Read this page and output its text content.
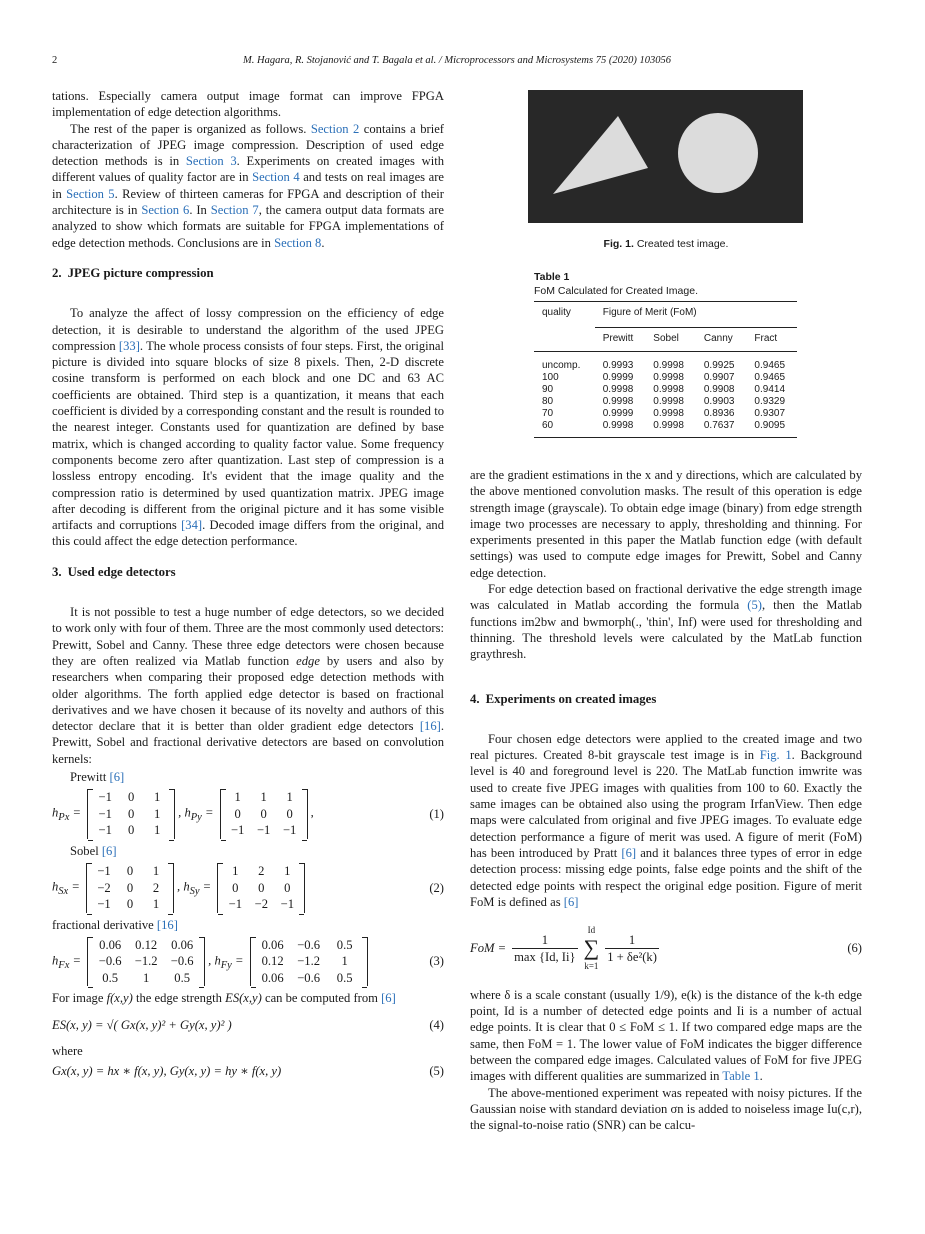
2	M. Hagara, R. Stojanović and T. Bagala et al. / Microprocessors and Microsystems 75 (2020) 103056

tations. Especially camera output image format can improve FPGA implementation of edge detection algorithms.

The rest of the paper is organized as follows. Section 2 contains a brief characterization of JPEG image compression. Description of used edge detection methods is in Section 3. Experiments on created images with different values of quality factor are in Section 4 and tests on real images are in Section 5. Review of thirteen cameras for FPGA and description of their architecture is in Section 6. In Section 7, the camera output data formats are analyzed to show which formats are suitable for FPGA implementations of edge detection methods. Conclusions are in Section 8.

2. JPEG picture compression

To analyze the affect of lossy compression on the efficiency of edge detection, it is desirable to understand the algorithm of the used JPEG compression [33]. The whole process consists of four steps. First, the original picture is divided into square blocks of size 8 pixels. Then, 2-D discrete cosine transform is performed on each block and one DC and 63 AC coefficients are obtained. Third step is a quantization, it means that each coefficient is divided by a corresponding constant and the result is rounded to the nearest integer. Constants used for quantization are defined by base matrix, which is changed according to quality factor value. Some frequency components become zero after quantization. Last step of compression is a lossless entropy encoding. It's evident that the image quality and the compression ratio is determined by used quantization matrix. JPEG image after decoding is different from the original picture and it has some visible artifacts and corruptions [34]. Decoded image differs from the original, and this could affect the edge detection performance.

3. Used edge detectors

It is not possible to test a huge number of edge detectors, so we decided to work only with four of them. Three are the most commonly used detectors: Prewitt, Sobel and Canny. These three edge detectors were chosen because they are often realized via Matlab function edge by users and also by researchers when comparing their proposed edge detection methods with older algorithms. The forth applied edge detector is based on fractional derivatives and we have chosen it because of its novelty and authors of this detector declare that it is better than older gradient edge detectors [16]. Prewitt, Sobel and fractional derivative detectors are based on convolution kernels:

Prewitt [6]
$h_{Px}$ =
−1	0	1
−1	0	1
−1	0	1
, $h_{Py}$ =
1	1	1
0	0	0
−1 −1 −1
,	(1)
Sobel [6]
$h_{Sx}$ =
−1	0	1
−2	0	2
−1	0	1
, $h_{Sy}$ =
1	2	1
0	0	0
−1 −2 −1
(2)
fractional derivative [16]
$h_{Fx}$ =
0.06	0.12	0.06
−0.6	−1.2	−0.6
0.5	1	0.5
, $h_{Fy}$ =
0.06	−0.6	0.5
0.12	−1.2	1
0.06	−0.6	0.5
(3)

For image f(x,y) the edge strength ES(x,y) can be computed from [6]

ES(x, y) = √( Gx(x, y)² + Gy(x, y)² )	(4)

where

Gx(x, y) = hx ∗ f(x, y), Gy(x, y) = hy ∗ f(x, y)	(5)
Fig. 1. Created test image.
Table 1
FoM Calculated for Created Image.
quality	Figure of Merit (FoM)			
	Prewitt	Sobel	Canny	Fract
uncomp.	0.9993	0.9998	0.9925	0.9465
100	0.9999	0.9998	0.9907	0.9465
90	0.9998	0.9998	0.9908	0.9414
80	0.9998	0.9998	0.9903	0.9329
70	0.9999	0.9998	0.8936	0.9307
60	0.9998	0.9998	0.7637	0.9095

are the gradient estimations in the x and y directions, which are calculated by the above mentioned convolution masks. The result of this operation is edge strength image (grayscale). To obtain edge image (binary) from edge strength image two processes are necessary to apply, thresholding and thinning. For experiments presented in this paper the Matlab function edge (with default settings) was used to compute edge images for Prewitt, Sobel and Canny edge detection.

For edge detection based on fractional derivative the edge strength image was calculated in Matlab according the formula (5), then the Matlab functions im2bw and bwmorph(., 'thin', Inf) were used for thresholding and thinning. The threshold levels were calculated by the MatLab function graythresh.

4. Experiments on created images

Four chosen edge detectors were applied to the created image and two real pictures. Created 8-bit grayscale test image is in Fig. 1. Background level is 40 and foreground level is 220. The MatLab function imwrite was used to create five JPEG images with qualities from 100 to 60. Exactly the same images can be obtained also using the program IrfanView. Then edge maps were calculated from original and five JPEG images. To evaluate edge detection performance a figure of merit was used. A figure of merit (FoM) has been introduced by Pratt [6] and it balances three types of error in edge detection process: missing edge points, false edge points and the shift of the detected edge points with respect the original edge position. Figure of merit FoM is defined as [6]

FoM =
1
max {Id, Ii}
Id
∑
k=1
1
1 + δe²(k)
(6)

where δ is a scale constant (usually 1/9), e(k) is the distance of the k-th edge point, Id is a number of detected edge points and Ii is a number of actual edge points. It is clear that 0 ≤ FoM ≤ 1. If two compared edge maps are the same, then FoM = 1. The lower value of FoM indicates the bigger difference between the compared edge images. Calculated values of FoM for five JPEG images with different qualities are summarized in Table 1.

The above-mentioned experiment was repeated with noisy pictures. If the Gaussian noise with standard deviation σn is added to noiseless image Iu(c,r), the signal-to-noise ratio (SNR) can be calcu-
